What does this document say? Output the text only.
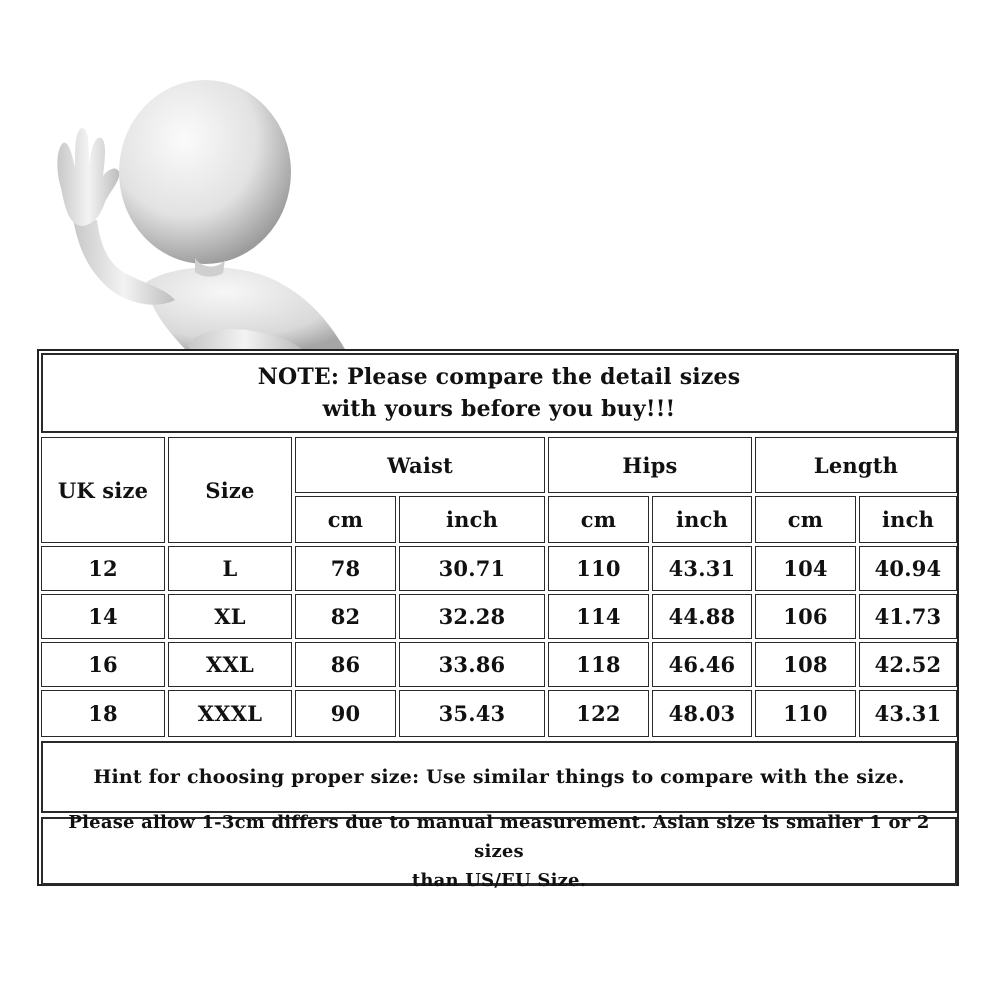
NOTE: Please compare the detail sizes
with yours before you buy!!!
UK size	Size
Waist	Hips	Length
cm	inch	cm	inch	cm	inch
12	L	78	30.71	110	43.31	104	40.94
14	XL	82	32.28	114	44.88	106	41.73
16	XXL	86	33.86	118	46.46	108	42.52
18	XXXL	90	35.43	122	48.03	110	43.31
Hint for choosing proper size: Use similar things to compare with the size.
Please allow 1-3cm differs due to manual measurement. Asian size is smaller 1 or 2 sizes
than US/EU Size.
